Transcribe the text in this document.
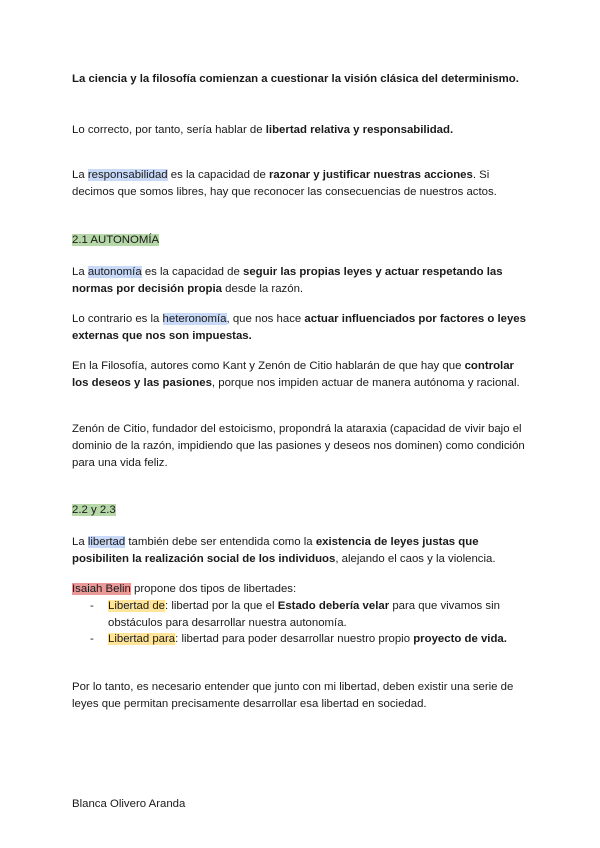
La ciencia y la filosofía comienzan a cuestionar la visión clásica del determinismo.

Lo correcto, por tanto, sería hablar de libertad relativa y responsabilidad.

La responsabilidad es la capacidad de razonar y justificar nuestras acciones. Si decimos que somos libres, hay que reconocer las consecuencias de nuestros actos.

2.1 AUTONOMÍA

La autonomía es la capacidad de seguir las propias leyes y actuar respetando las normas por decisión propia desde la razón.

Lo contrario es la heteronomía, que nos hace actuar influenciados por factores o leyes externas que nos son impuestas.

En la Filosofía, autores como Kant y Zenón de Citio hablarán de que hay que controlar los deseos y las pasiones, porque nos impiden actuar de manera autónoma y racional.

Zenón de Citio, fundador del estoicismo, propondrá la ataraxia (capacidad de vivir bajo el dominio de la razón, impidiendo que las pasiones y deseos nos dominen) como condición para una vida feliz.

2.2 y 2.3

La libertad también debe ser entendida como la existencia de leyes justas que posibiliten la realización social de los individuos, alejando el caos y la violencia.

Isaiah Belin propone dos tipos de libertades:

- Libertad de: libertad por la que el Estado debería velar para que vivamos sin obstáculos para desarrollar nuestra autonomía.
- Libertad para: libertad para poder desarrollar nuestro propio proyecto de vida.

Por lo tanto, es necesario entender que junto con mi libertad, deben existir una serie de leyes que permitan precisamente desarrollar esa libertad en sociedad.

Blanca Olivero Aranda
